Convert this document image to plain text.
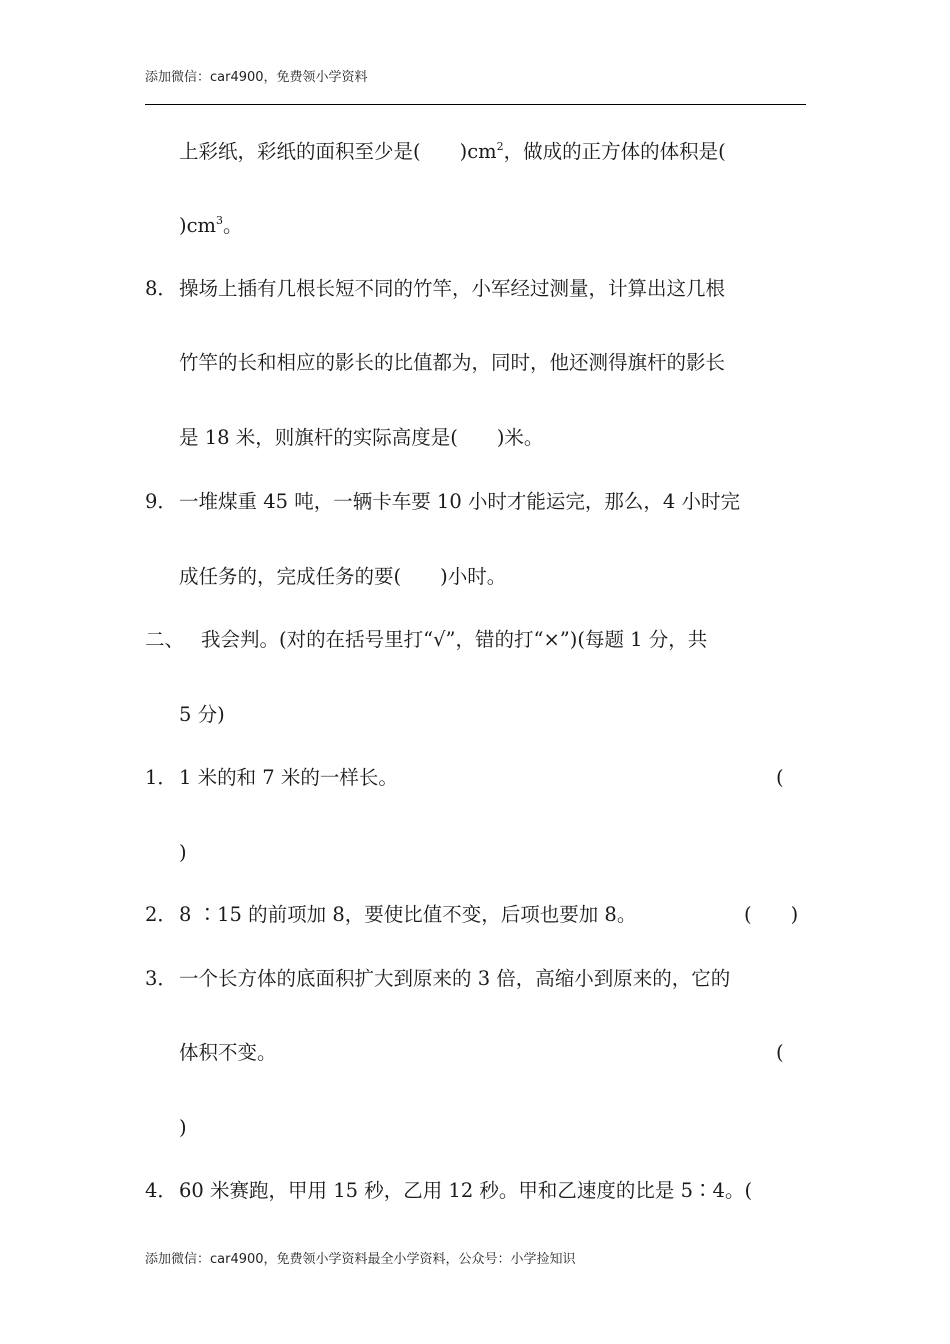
添加微信：car4900，免费领小学资料
上彩纸，彩纸的面积至少是(　　)$cm^2$，做成的正方体的体积是(
)$cm^3$。
8． 操场上插有几根长短不同的竹竿，小军经过测量，计算出这几根
竹竿的长和相应的影长的比值都为，同时，他还测得旗杆的影长
是 18 米，则旗杆的实际高度是(　　)米。
9． 一堆煤重 45 吨，一辆卡车要 10 小时才能运完，那么，4 小时完
成任务的，完成任务的要(　　)小时。
二、 我会判。(对的在括号里打“√”，错的打“×”)(每题 1 分，共
5 分)
1． 1 米的和 7 米的一样长。	(
)
2． 8 ∶15 的前项加 8，要使比值不变，后项也要加 8。	(　　)
3． 一个长方体的底面积扩大到原来的 3 倍，高缩小到原来的，它的
体积不变。	(
)
4． 60 米赛跑，甲用 15 秒，乙用 12 秒。甲和乙速度的比是 5∶4。(
添加微信：car4900，免费领小学资料最全小学资料，公众号：小学捡知识
